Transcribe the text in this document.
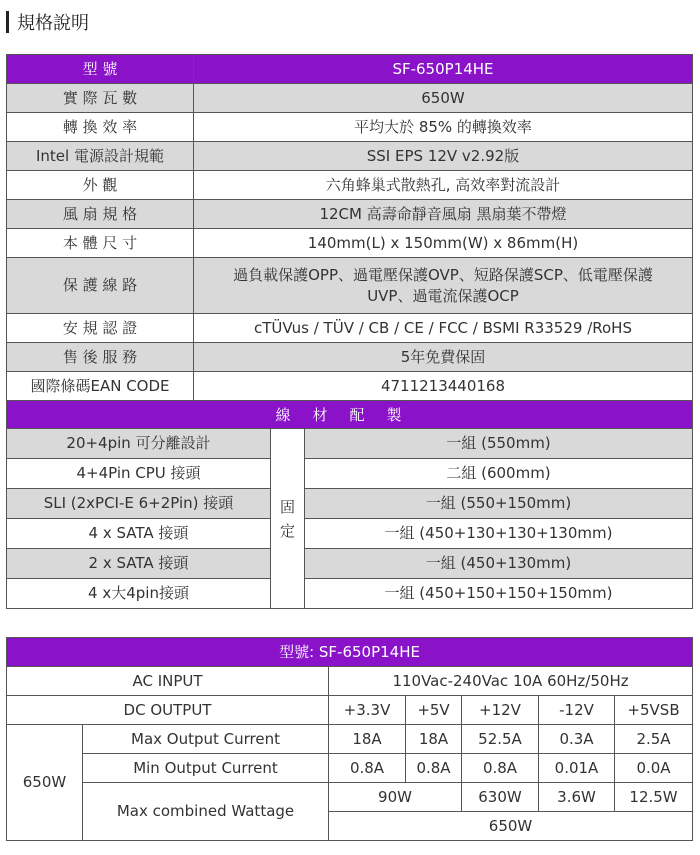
規格說明
型 號	SF-650P14HE
實 際 瓦 數	650W
轉 換 效 率	平均大於 85% 的轉換效率
Intel 電源設計規範	SSI EPS 12V v2.92版
外 觀	六角蜂巢式散熱孔, 高效率對流設計
風 扇 規 格	12CM 高壽命靜音風扇 黑扇葉不帶燈
本 體 尺 寸	140mm(L) x 150mm(W) x 86mm(H)
保 護 線 路	過負載保護OPP、過電壓保護OVP、短路保護SCP、低電壓保護UVP、過電流保護OCP
安 規 認 證	cTÜVus / TÜV / CB / CE / FCC / BSMI R33529 /RoHS
售 後 服 務	5年免費保固
國際條碼EAN CODE	4711213440168
線材配製	
20+4pin 可分離設計	固定	一組 (550mm)
4+4Pin CPU 接頭		二組 (600mm)
SLI (2xPCI-E 6+2Pin) 接頭		一組 (550+150mm)
4 x SATA 接頭		一組 (450+130+130+130mm)
2 x SATA 接頭		一組 (450+130mm)
4 x大4pin接頭		一組 (450+150+150+150mm)
型號: SF-650P14HE						
AC INPUT		110Vac-240Vac 10A 60Hz/50Hz				
DC OUTPUT		+3.3V	+5V	+12V	-12V	+5VSB
650W	Max Output Current	18A	18A	52.5A	0.3A	2.5A
	Min Output Current	0.8A	0.8A	0.8A	0.01A	0.0A
	Max combined Wattage	90W		630W	3.6W	12.5W
		650W				
